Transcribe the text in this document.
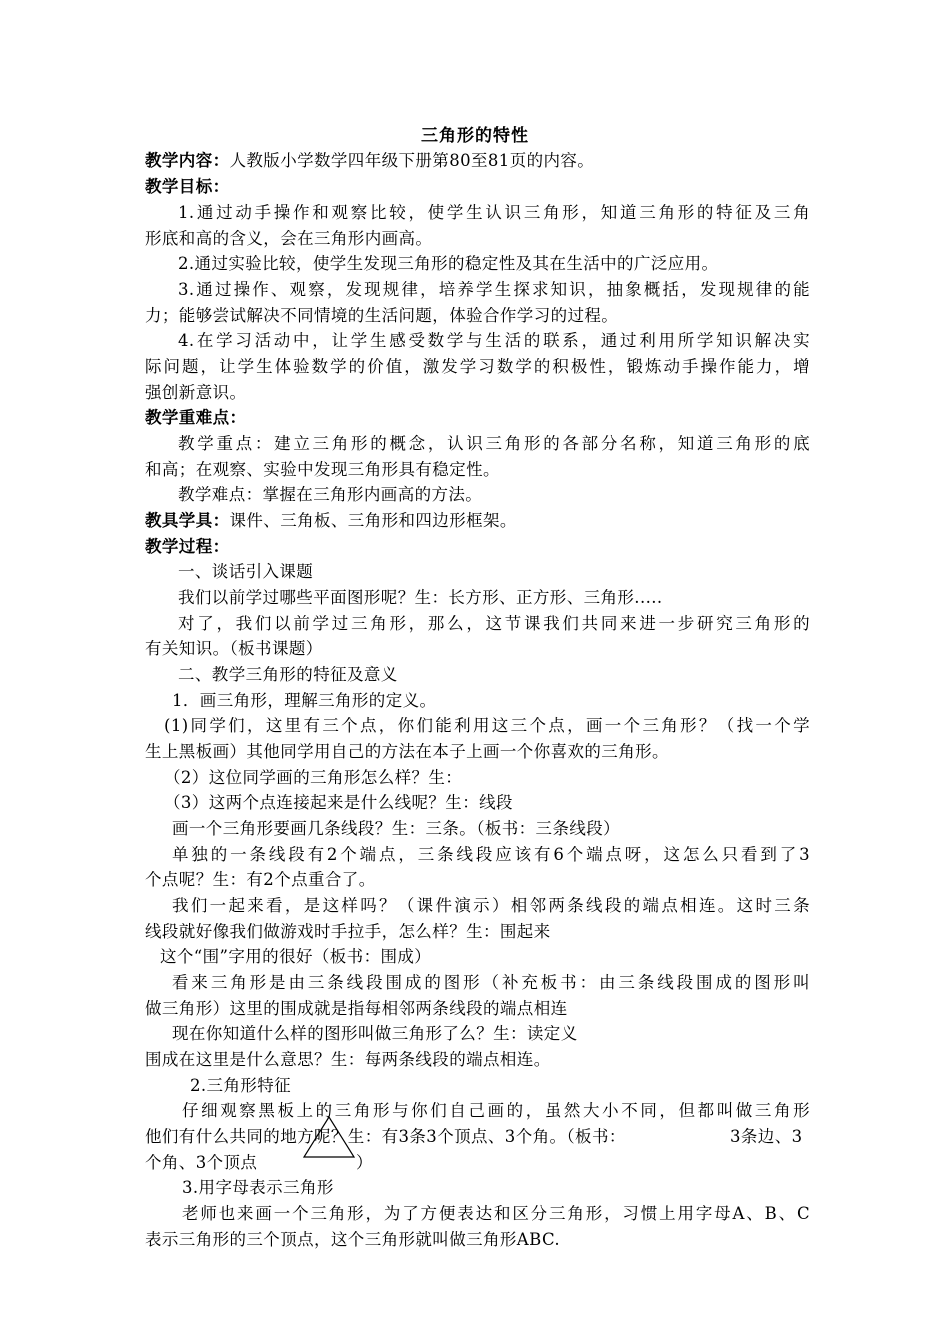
三角形的特性
教学内容：人教版小学数学四年级下册第80至81页的内容。
教学目标：
1.通过动手操作和观察比较，使学生认识三角形，知道三角形的特征及三角
形底和高的含义，会在三角形内画高。
2.通过实验比较，使学生发现三角形的稳定性及其在生活中的广泛应用。
3.通过操作、观察，发现规律，培养学生探求知识，抽象概括，发现规律的能
力；能够尝试解决不同情境的生活问题，体验合作学习的过程。
4.在学习活动中，让学生感受数学与生活的联系，通过利用所学知识解决实
际问题，让学生体验数学的价值，激发学习数学的积极性，锻炼动手操作能力，增
强创新意识。
教学重难点：
教学重点：建立三角形的概念，认识三角形的各部分名称，知道三角形的底
和高；在观察、实验中发现三角形具有稳定性。
教学难点：掌握在三角形内画高的方法。
教具学具：课件、三角板、三角形和四边形框架。
教学过程：
一、谈话引入课题
我们以前学过哪些平面图形呢？生：长方形、正方形、三角形.....
对了，我们以前学过三角形，那么，这节课我们共同来进一步研究三角形的
有关知识。（板书课题）
二、教学三角形的特征及意义
1．画三角形，理解三角形的定义。
(1)同学们，这里有三个点，你们能利用这三个点，画一个三角形？（找一个学
生上黑板画）其他同学用自己的方法在本子上画一个你喜欢的三角形。
（2）这位同学画的三角形怎么样？生：
（3）这两个点连接起来是什么线呢？生：线段
画一个三角形要画几条线段？生：三条。（板书：三条线段）
单独的一条线段有2个端点，三条线段应该有6个端点呀，这怎么只看到了3
个点呢？生：有2个点重合了。
我们一起来看，是这样吗？（课件演示）相邻两条线段的端点相连。这时三条
线段就好像我们做游戏时手拉手，怎么样？生：围起来
这个“围”字用的很好（板书：围成）
看来三角形是由三条线段围成的图形（补充板书：由三条线段围成的图形叫
做三角形）这里的围成就是指每相邻两条线段的端点相连
现在你知道什么样的图形叫做三角形了么？生：读定义
围成在这里是什么意思？生：每两条线段的端点相连。
2.三角形特征
仔细观察黑板上的三角形与你们自己画的，虽然大小不同，但都叫做三角形
他们有什么共同的地方呢？生：有3条3个顶点、3个角。（板书：	3条边、3
个角、3个顶点	）
3.用字母表示三角形
老师也来画一个三角形，为了方便表达和区分三角形，习惯上用字母A、B、C
表示三角形的三个顶点，这个三角形就叫做三角形ABC.
